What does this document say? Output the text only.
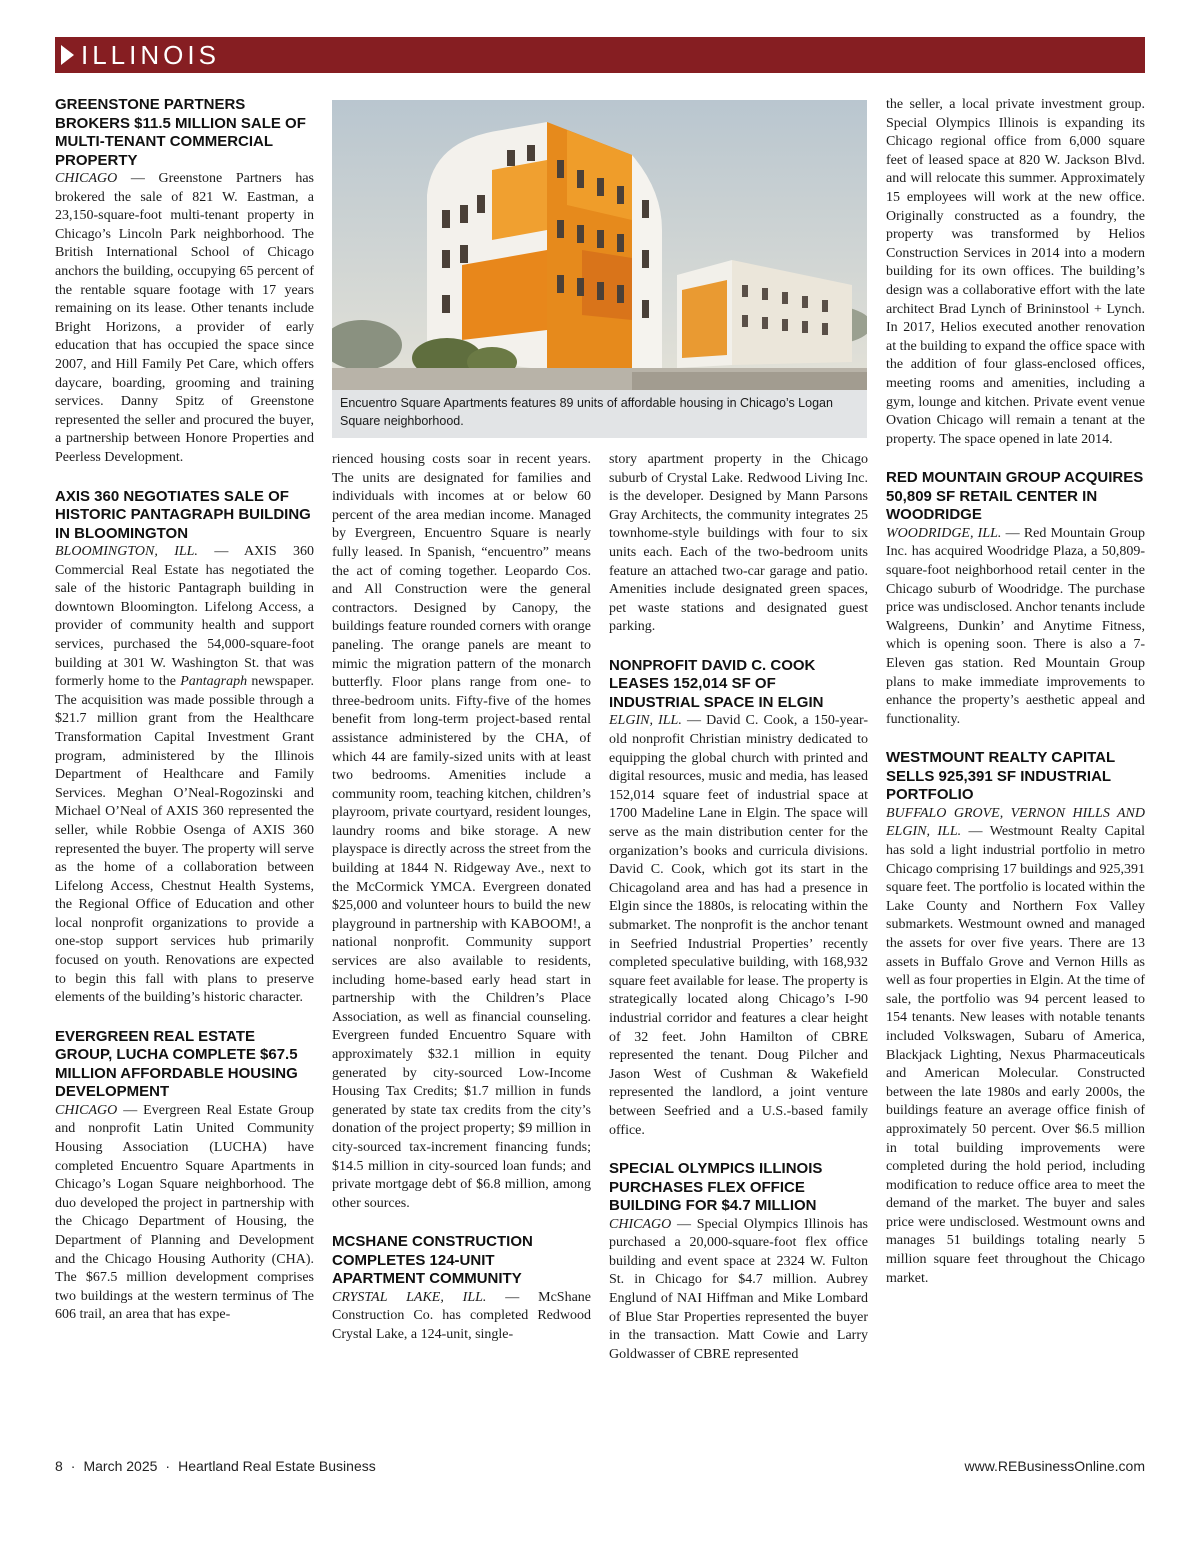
ILLINOIS
Encuentro Square Apartments features 89 units of affordable housing in Chicago’s Logan Square neighborhood.
GREENSTONE PARTNERS BROKERS $11.5 MILLION SALE OF MULTI-TENANT COMMERCIAL PROPERTY

CHICAGO — Greenstone Partners has brokered the sale of 821 W. Eastman, a 23,150-square-foot multi-tenant property in Chicago’s Lincoln Park neighborhood. The British International School of Chicago anchors the building, occupying 65 percent of the rentable square footage with 17 years remaining on its lease. Other tenants include Bright Horizons, a provider of early education that has occupied the space since 2007, and Hill Family Pet Care, which offers daycare, boarding, grooming and training services. Danny Spitz of Greenstone represented the seller and procured the buyer, a partnership between Honore Properties and Peerless Development.

AXIS 360 NEGOTIATES SALE OF HISTORIC PANTAGRAPH BUILDING IN BLOOMINGTON

BLOOMINGTON, ILL. — AXIS 360 Commercial Real Estate has negotiated the sale of the historic Pantagraph building in downtown Bloomington. Lifelong Access, a provider of community health and support services, purchased the 54,000-square-foot building at 301 W. Washington St. that was formerly home to the Pantagraph newspaper. The acquisition was made possible through a $21.7 million grant from the Healthcare Transformation Capital Investment Grant program, administered by the Illinois Department of Healthcare and Family Services. Meghan O’Neal-Rogozinski and Michael O’Neal of AXIS 360 represented the seller, while Robbie Osenga of AXIS 360 represented the buyer. The property will serve as the home of a collaboration between Lifelong Access, Chestnut Health Systems, the Regional Office of Education and other local nonprofit organizations to provide a one-stop support services hub primarily focused on youth. Renovations are expected to begin this fall with plans to preserve elements of the building’s historic character.

EVERGREEN REAL ESTATE GROUP, LUCHA COMPLETE $67.5 MILLION AFFORDABLE HOUSING DEVELOPMENT

CHICAGO — Evergreen Real Estate Group and nonprofit Latin United Community Housing Association (LUCHA) have completed Encuentro Square Apartments in Chicago’s Logan Square neighborhood. The duo developed the project in partnership with the Chicago Department of Housing, the Department of Planning and Development and the Chicago Housing Authority (CHA). The $67.5 million development comprises two buildings at the western terminus of The 606 trail, an area that has expe-

rienced housing costs soar in recent years. The units are designated for families and individuals with incomes at or below 60 percent of the area median income. Managed by Evergreen, Encuentro Square is nearly fully leased. In Spanish, “encuentro” means the act of coming together. Leopardo Cos. and All Construction were the general contractors. Designed by Canopy, the buildings feature rounded corners with orange paneling. The orange panels are meant to mimic the migration pattern of the monarch butterfly. Floor plans range from one- to three-bedroom units. Fifty-five of the homes benefit from long-term project-based rental assistance administered by the CHA, of which 44 are family-sized units with at least two bedrooms. Amenities include a community room, teaching kitchen, children’s playroom, private courtyard, resident lounges, laundry rooms and bike storage. A new playspace is directly across the street from the building at 1844 N. Ridgeway Ave., next to the McCormick YMCA. Evergreen donated $25,000 and volunteer hours to build the new playground in partnership with KABOOM!, a national nonprofit. Community support services are also available to residents, including home-based early head start in partnership with the Children’s Place Association, as well as financial counseling. Evergreen funded Encuentro Square with approximately $32.1 million in equity generated by city-sourced Low-Income Housing Tax Credits; $1.7 million in funds generated by state tax credits from the city’s donation of the project property; $9 million in city-sourced tax-increment financing funds; $14.5 million in city-sourced loan funds; and private mortgage debt of $6.8 million, among other sources.

MCSHANE CONSTRUCTION COMPLETES 124-UNIT APARTMENT COMMUNITY

CRYSTAL LAKE, ILL. — McShane Construction Co. has completed Redwood Crystal Lake, a 124-unit, single-

story apartment property in the Chicago suburb of Crystal Lake. Redwood Living Inc. is the developer. Designed by Mann Parsons Gray Architects, the community integrates 25 townhome-style buildings with four to six units each. Each of the two-bedroom units feature an attached two-car garage and patio. Amenities include designated green spaces, pet waste stations and designated guest parking.

NONPROFIT DAVID C. COOK LEASES 152,014 SF OF INDUSTRIAL SPACE IN ELGIN

ELGIN, ILL. — David C. Cook, a 150-year-old nonprofit Christian ministry dedicated to equipping the global church with printed and digital resources, music and media, has leased 152,014 square feet of industrial space at 1700 Madeline Lane in Elgin. The space will serve as the main distribution center for the organization’s books and curricula divisions. David C. Cook, which got its start in the Chicagoland area and has had a presence in Elgin since the 1880s, is relocating within the submarket. The nonprofit is the anchor tenant in Seefried Industrial Properties’ recently completed speculative building, with 168,932 square feet available for lease. The property is strategically located along Chicago’s I-90 industrial corridor and features a clear height of 32 feet. John Hamilton of CBRE represented the tenant. Doug Pilcher and Jason West of Cushman & Wakefield represented the landlord, a joint venture between Seefried and a U.S.-based family office.

SPECIAL OLYMPICS ILLINOIS PURCHASES FLEX OFFICE BUILDING FOR $4.7 MILLION

CHICAGO — Special Olympics Illinois has purchased a 20,000-square-foot flex office building and event space at 2324 W. Fulton St. in Chicago for $4.7 million. Aubrey Englund of NAI Hiffman and Mike Lombard of Blue Star Properties represented the buyer in the transaction. Matt Cowie and Larry Goldwasser of CBRE represented

the seller, a local private investment group. Special Olympics Illinois is expanding its Chicago regional office from 6,000 square feet of leased space at 820 W. Jackson Blvd. and will relocate this summer. Approximately 15 employees will work at the new office. Originally constructed as a foundry, the property was transformed by Helios Construction Services in 2014 into a modern building for its own offices. The building’s design was a collaborative effort with the late architect Brad Lynch of Brininstool + Lynch. In 2017, Helios executed another renovation at the building to expand the office space with the addition of four glass-enclosed offices, meeting rooms and amenities, including a gym, lounge and kitchen. Private event venue Ovation Chicago will remain a tenant at the property. The space opened in late 2014.

RED MOUNTAIN GROUP ACQUIRES 50,809 SF RETAIL CENTER IN WOODRIDGE

WOODRIDGE, ILL. — Red Mountain Group Inc. has acquired Woodridge Plaza, a 50,809-square-foot neighborhood retail center in the Chicago suburb of Woodridge. The purchase price was undisclosed. Anchor tenants include Walgreens, Dunkin’ and Anytime Fitness, which is opening soon. There is also a 7-Eleven gas station. Red Mountain Group plans to make immediate improvements to enhance the property’s aesthetic appeal and functionality.

WESTMOUNT REALTY CAPITAL SELLS 925,391 SF INDUSTRIAL PORTFOLIO

BUFFALO GROVE, VERNON HILLS AND ELGIN, ILL. — Westmount Realty Capital has sold a light industrial portfolio in metro Chicago comprising 17 buildings and 925,391 square feet. The portfolio is located within the Lake County and Northern Fox Valley submarkets. Westmount owned and managed the assets for over five years. There are 13 assets in Buffalo Grove and Vernon Hills as well as four properties in Elgin. At the time of sale, the portfolio was 94 percent leased to 154 tenants. New leases with notable tenants included Volkswagen, Subaru of America, Blackjack Lighting, Nexus Pharmaceuticals and American Molecular. Constructed between the late 1980s and early 2000s, the buildings feature an average office finish of approximately 50 percent. Over $6.5 million in total building improvements were completed during the hold period, including modification to reduce office area to meet the demand of the market. The buyer and sales price were undisclosed. Westmount owns and manages 51 buildings totaling nearly 5 million square feet throughout the Chicago market.

8 · March 2025 · Heartland Real Estate Business	www.REBusinessOnline.com
